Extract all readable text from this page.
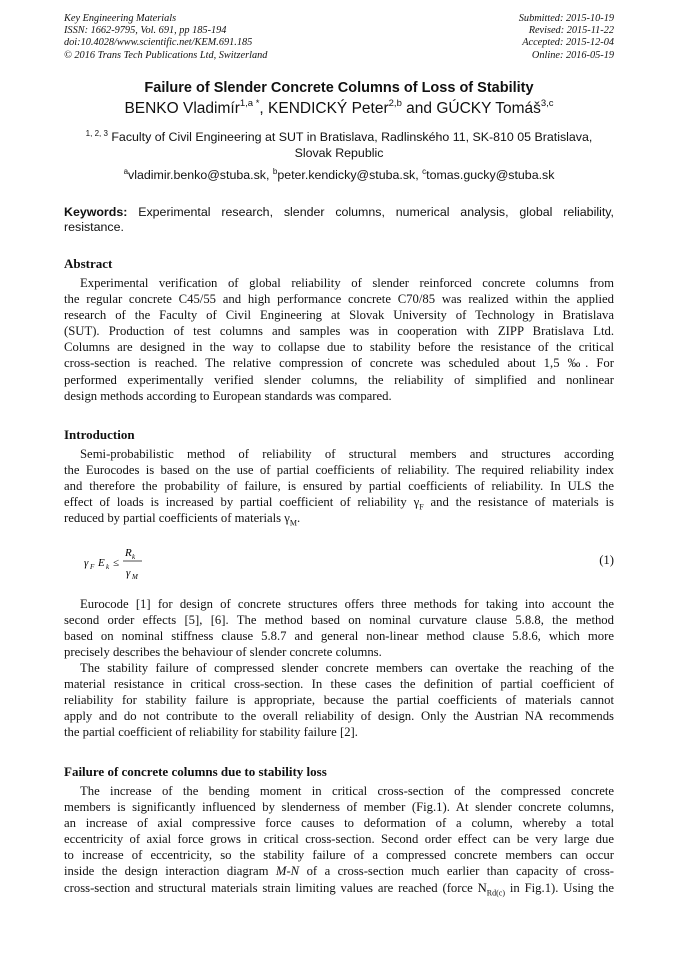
Key Engineering Materials
ISSN: 1662-9795, Vol. 691, pp 185-194
doi:10.4028/www.scientific.net/KEM.691.185
© 2016 Trans Tech Publications Ltd, Switzerland
Submitted: 2015-10-19
Revised: 2015-11-22
Accepted: 2015-12-04
Online: 2016-05-19
Failure of Slender Concrete Columns of Loss of Stability
BENKO Vladimír$^{1,a *}$, KENDICKÝ Peter$^{2,b}$ and GÚCKY Tomáš$^{3,c}$
$^{1, 2, 3}$ Faculty of Civil Engineering at SUT in Bratislava, Radlinského 11, SK-810 05 Bratislava,
Slovak Republic
$^a$vladimir.benko@stuba.sk, $^b$peter.kendicky@stuba.sk, $^c$tomas.gucky@stuba.sk
Keywords: Experimental research, slender columns, numerical analysis, global reliability, resistance.
Abstract
Experimental verification of global reliability of slender reinforced concrete columns from
the regular concrete C45/55 and high performance concrete C70/85 was realized within the applied
research of the Faculty of Civil Engineering at Slovak University of Technology in Bratislava
(SUT). Production of test columns and samples was in cooperation with ZIPP Bratislava Ltd.
Columns are designed in the way to collapse due to stability before the resistance of the critical
cross-section is reached. The relative compression of concrete was scheduled about 1,5 ‰. For
performed experimentally verified slender columns, the reliability of simplified and nonlinear
design methods according to European standards was compared.
Introduction
Semi-probabilistic method of reliability of structural members and structures according
the Eurocodes is based on the use of partial coefficients of reliability. The required reliability index
and therefore the probability of failure, is ensured by partial coefficients of reliability. In ULS the
effect of loads is increased by partial coefficient of reliability $\gamma_F$ and the resistance of materials is
reduced by partial coefficients of materials $\gamma_M$.
γ F E k ≤
R k
γ M
(1)
Eurocode [1] for design of concrete structures offers three methods for taking into account the
second order effects [5], [6]. The method based on nominal curvature clause 5.8.8, the method
based on nominal stiffness clause 5.8.7 and general non-linear method clause 5.8.6, which more
precisely describes the behaviour of slender concrete columns.
The stability failure of compressed slender concrete members can overtake the reaching of the
material resistance in critical cross-section. In these cases the definition of partial coefficient of
reliability for stability failure is appropriate, because the partial coefficients of materials cannot
apply and do not contribute to the overall reliability of design. Only the Austrian NA recommends
the partial coefficient of reliability for stability failure [2].
Failure of concrete columns due to stability loss
The increase of the bending moment in critical cross-section of the compressed concrete
members is significantly influenced by slenderness of member (Fig.1). At slender concrete columns,
an increase of axial compressive force causes to deformation of a column, whereby a total
eccentricity of axial force grows in critical cross-section. Second order effect can be very large due
to increase of eccentricity, so the stability failure of a compressed concrete members can occur
inside the design interaction diagram M-N of a cross-section much earlier than capacity of cross-
cross-section and structural materials strain limiting values are reached (force $N_{Rd(c)}$ in Fig.1). Using the
